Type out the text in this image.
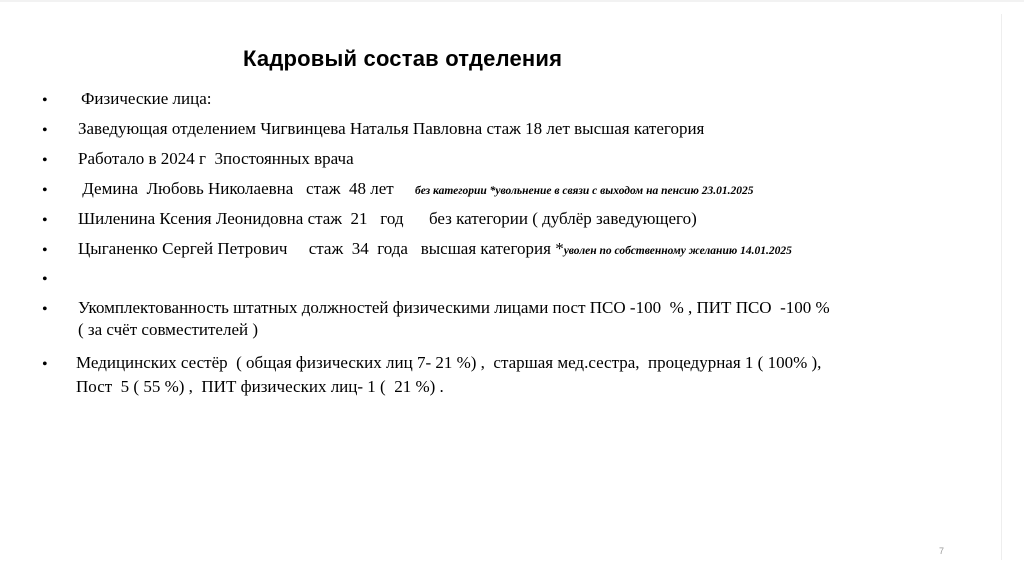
Кадровый состав отделения
• Физические лица:
• Заведующая отделением Чигвинцева Наталья Павловна стаж 18 лет высшая категория
• Работало в 2024 г  3постоянных врача
• Демина  Любовь Николаевна   стаж  48 лет     без категории *увольнение в связи с выходом на пенсию 23.01.2025
• Шиленина Ксения Леонидовна стаж  21   год      без категории ( дублёр заведующего)
• Цыганенко Сергей Петрович     стаж  34  года   высшая категория *уволен по собственному желанию 14.01.2025
•
• Укомплектованность штатных должностей физическими лицами пост ПСО -100  % , ПИТ ПСО  -100 %
( за счёт совместителей )
• Медицинских сестёр  ( общая физических лиц 7- 21 %) ,  старшая мед.сестра,  процедурная 1 ( 100% ),
Пост  5 ( 55 %) ,  ПИТ физических лиц- 1 (  21 %) .
7
